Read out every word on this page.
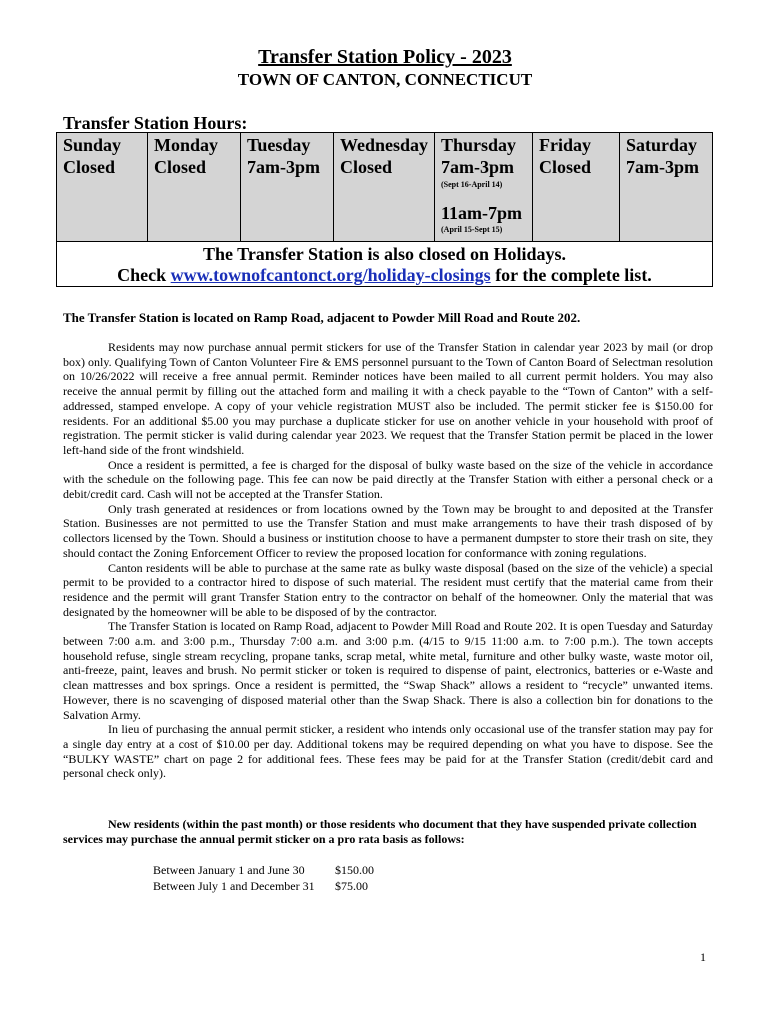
Transfer Station Policy - 2023
TOWN OF CANTON, CONNECTICUT
Transfer Station Hours:
Sunday
Closed
Monday
Closed
Tuesday
7am-3pm
Wednesday
Closed
Thursday
7am-3pm
(Sept 16-April 14)
11am-7pm
(April 15-Sept 15)
Friday
Closed
Saturday
7am-3pm
The Transfer Station is also closed on Holidays.
Check www.townofcantonct.org/holiday-closings for the complete list.
The Transfer Station is located on Ramp Road, adjacent to Powder Mill Road and Route 202.

Residents may now purchase annual permit stickers for use of the Transfer Station in calendar year 2023 by mail (or drop box) only. Qualifying Town of Canton Volunteer Fire & EMS personnel pursuant to the Town of Canton Board of Selectman resolution on 10/26/2022 will receive a free annual permit. Reminder notices have been mailed to all current permit holders. You may also receive the annual permit by filling out the attached form and mailing it with a check payable to the “Town of Canton” with a self-addressed, stamped envelope. A copy of your vehicle registration MUST also be included. The permit sticker fee is $150.00 for residents. For an additional $5.00 you may purchase a duplicate sticker for use on another vehicle in your household with proof of registration. The permit sticker is valid during calendar year 2023. We request that the Transfer Station permit be placed in the lower left-hand side of the front windshield.

Once a resident is permitted, a fee is charged for the disposal of bulky waste based on the size of the vehicle in accordance with the schedule on the following page. This fee can now be paid directly at the Transfer Station with either a personal check or a debit/credit card. Cash will not be accepted at the Transfer Station.

Only trash generated at residences or from locations owned by the Town may be brought to and deposited at the Transfer Station. Businesses are not permitted to use the Transfer Station and must make arrangements to have their trash disposed of by collectors licensed by the Town. Should a business or institution choose to have a permanent dumpster to store their trash on site, they should contact the Zoning Enforcement Officer to review the proposed location for conformance with zoning regulations.

Canton residents will be able to purchase at the same rate as bulky waste disposal (based on the size of the vehicle) a special permit to be provided to a contractor hired to dispose of such material. The resident must certify that the material came from their residence and the permit will grant Transfer Station entry to the contractor on behalf of the homeowner. Only the material that was designated by the homeowner will be able to be disposed of by the contractor.

The Transfer Station is located on Ramp Road, adjacent to Powder Mill Road and Route 202. It is open Tuesday and Saturday between 7:00 a.m. and 3:00 p.m., Thursday 7:00 a.m. and 3:00 p.m. (4/15 to 9/15 11:00 a.m. to 7:00 p.m.). The town accepts household refuse, single stream recycling, propane tanks, scrap metal, white metal, furniture and other bulky waste, waste motor oil, anti-freeze, paint, leaves and brush. No permit sticker or token is required to dispense of paint, electronics, batteries or e-Waste and clean mattresses and box springs. Once a resident is permitted, the “Swap Shack” allows a resident to “recycle” unwanted items. However, there is no scavenging of disposed material other than the Swap Shack. There is also a collection bin for donations to the Salvation Army.

In lieu of purchasing the annual permit sticker, a resident who intends only occasional use of the transfer station may pay for a single day entry at a cost of $10.00 per day. Additional tokens may be required depending on what you have to dispose. See the “BULKY WASTE” chart on page 2 for additional fees. These fees may be paid for at the Transfer Station (credit/debit card and personal check only).

New residents (within the past month) or those residents who document that they have suspended private collection services may purchase the annual permit sticker on a pro rata basis as follows:
Between January 1 and June 30	$150.00
Between July 1 and December 31	$75.00
1
